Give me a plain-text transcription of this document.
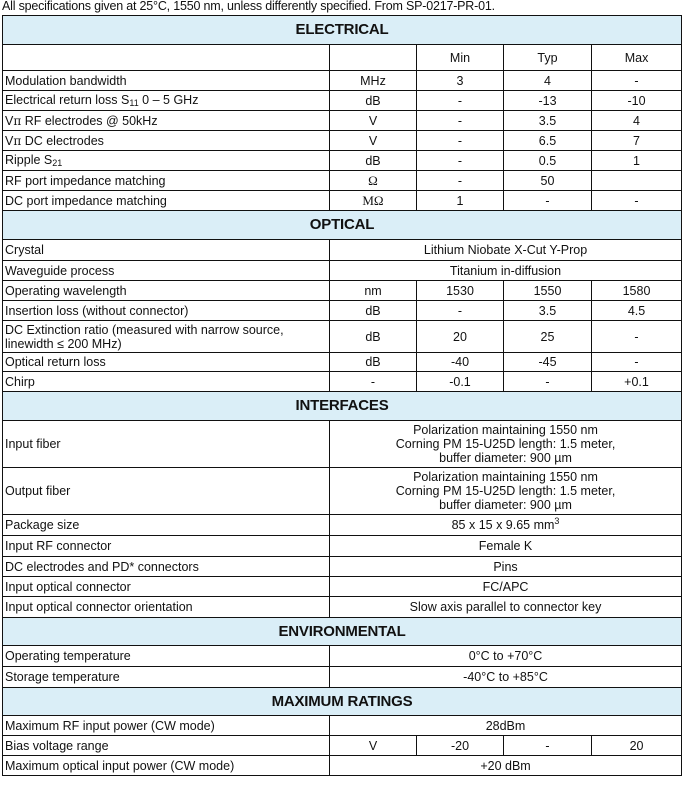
All specifications given at 25°C, 1550 nm, unless differently specified. From SP-0217-PR-01.
ELECTRICAL				
		Min	Typ	Max
Modulation bandwidth	MHz	3	4	-
Electrical return loss $S_{11}$ 0 – 5 GHz	dB	-	-13	-10
Vπ RF electrodes @ 50kHz	V	-	3.5	4
Vπ DC electrodes	V	-	6.5	7
Ripple $S_{21}$	dB	-	0.5	1
RF port impedance matching	Ω	-	50	
DC port impedance matching	MΩ	1	-	-
OPTICAL				
Crystal	Lithium Niobate X-Cut Y-Prop			
Waveguide process	Titanium in-diffusion			
Operating wavelength	nm	1530	1550	1580
Insertion loss (without connector)	dB	-	3.5	4.5

DC Extinction ratio (measured with narrow source,
linewidth ≤ 200 MHz)	dB	20	25	-
Optical return loss	dB	-40	-45	-
Chirp	-	-0.1	-	+0.1
INTERFACES				
Input fiber	Polarization maintaining 1550 nm
Corning PM 15-U25D length: 1.5 meter,
buffer diameter: 900 µm			

Output fiber	Polarization maintaining 1550 nm
Corning PM 15-U25D length: 1.5 meter,
buffer diameter: 900 µm			

Package size	85 x 15 x 9.65 $mm^3$
Input RF connector	Female K			
DC electrodes and PD* connectors	Pins			
Input optical connector	FC/APC			
Input optical connector orientation	Slow axis parallel to connector key			
ENVIRONMENTAL				
Operating temperature	0°C to +70°C			
Storage temperature	-40°C to +85°C			
MAXIMUM RATINGS				
Maximum RF input power (CW mode)	28dBm			
Bias voltage range	V	-20	-	20
Maximum optical input power (CW mode)	+20 dBm			
